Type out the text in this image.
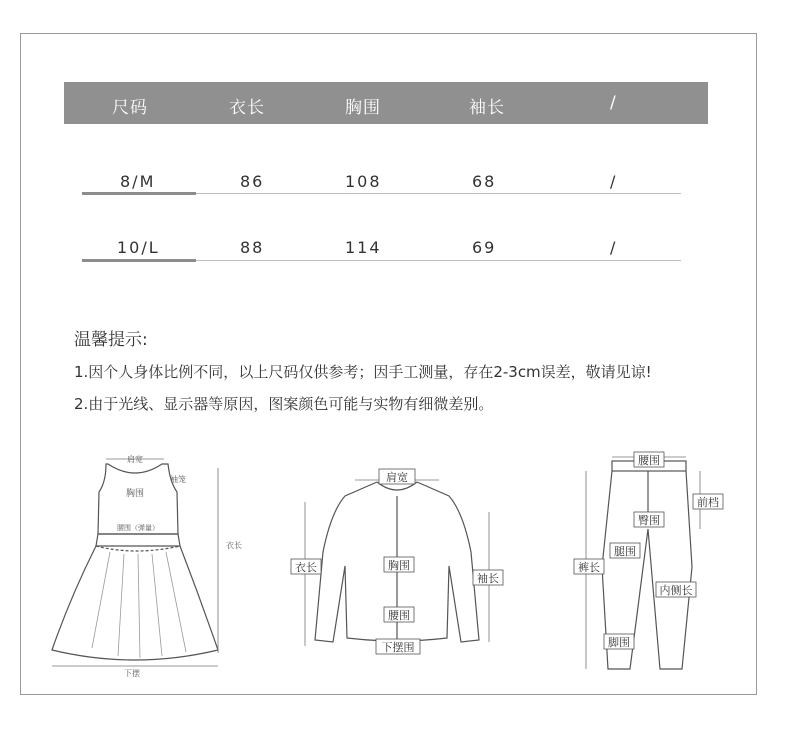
尺码	衣长	胸围	袖长	/
8/M	86	108	68	/
10/L	88	114	69	/
温馨提示:
1.因个人身体比例不同，以上尺码仅供参考；因手工测量，存在2-3cm误差，敬请见谅!
2.由于光线、显示器等原因，图案颜色可能与实物有细微差别。
肩宽
胸围
袖笼
腰围（弹量）
衣长
下摆
肩宽
衣长	胸围
袖长
腰围
下摆围
腰围
前档
臀围
腿围
裤长
内侧长
脚围
